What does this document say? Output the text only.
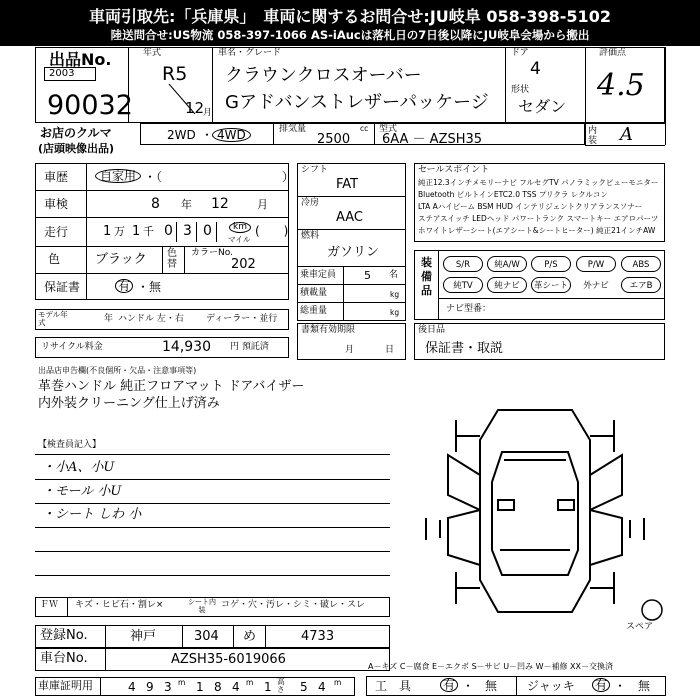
車両引取先:「兵庫県」　車両に関するお問合せ:JU岐阜 058-398-5102
陸送問合せ:US物流 058-397-1066 AS-iAucは落札日の7日後以降にJU岐阜会場から搬出
出品No.
2003
90032
お店のクルマ
(店頭映像出品)
年式
R5
12
月
車名・グレード
クラウンクロスオーバー
Gアドバンストレザーパッケージ
ドア
4
形状
セダン
評価点
4.5
内装 A
2WD ・ 4WD	排気量	cc
2500
型式
6AA － AZSH35
車歴	自家用 ・（　　　　　　　　　　）
車検	8 年 12	月
走行	1 万 1 千 0 3 0	km
マイル
(　　)
色	ブラック 色替
カラーNo.
202
保証書	有 ・無
モデル年式	年 ハンドル 左・右 ディーラー・並行
リサイクル料金	14,930 円 預託済
シフト
FAT
冷房
AAC
燃料
ガソリン
乗車定員	5 名
積載量	kg
総重量	kg
書類有効期限
月	日
セールスポイント
純正12.3インチメモリーナビ フルセグTV パノラミックビューモニター
Bluetooth ビルトインETC2.0 TSS プリクラ レクルコン
LTA Aハイビーム BSM HUD インテリジェントクリアランスソナー
ステアスイッチ LEDヘッド パワートランク スマートキー エアロパーツ
ホワイトレザーシート(エアシート&シートヒーター) 純正21インチAW
装備品
S/R	純A/W	P/S	P/W	ABS
純TV	純ナビ	革シート	外ナビ	エアB
ナビ型番：
後日品
保証書・取説
出品店申告欄(不良個所・欠品・注意事項等)
革巻ハンドル 純正フロアマット ドアバイザー
内外装クリーニング仕上げ済み
【検査員記入】
・小A、小U
・モール 小U
・シート しわ 小
スペア
ＦＷ キズ・ヒビ石・割レ×	シート内装	コゲ・穴・汚レ・シミ・破レ・スレ
登録No.	神戸	304 め	4733
車台No.	AZSH35-6019066
車庫証明用	4 9 3 m 1 8 4 m 1 高さ 5 4 m
A－キズ C－腐食 E－エクボ S－サビ U－凹み W－補修 XX－交換済
工　具	有 ・ 無 ジャッキ 有 ・ 無
